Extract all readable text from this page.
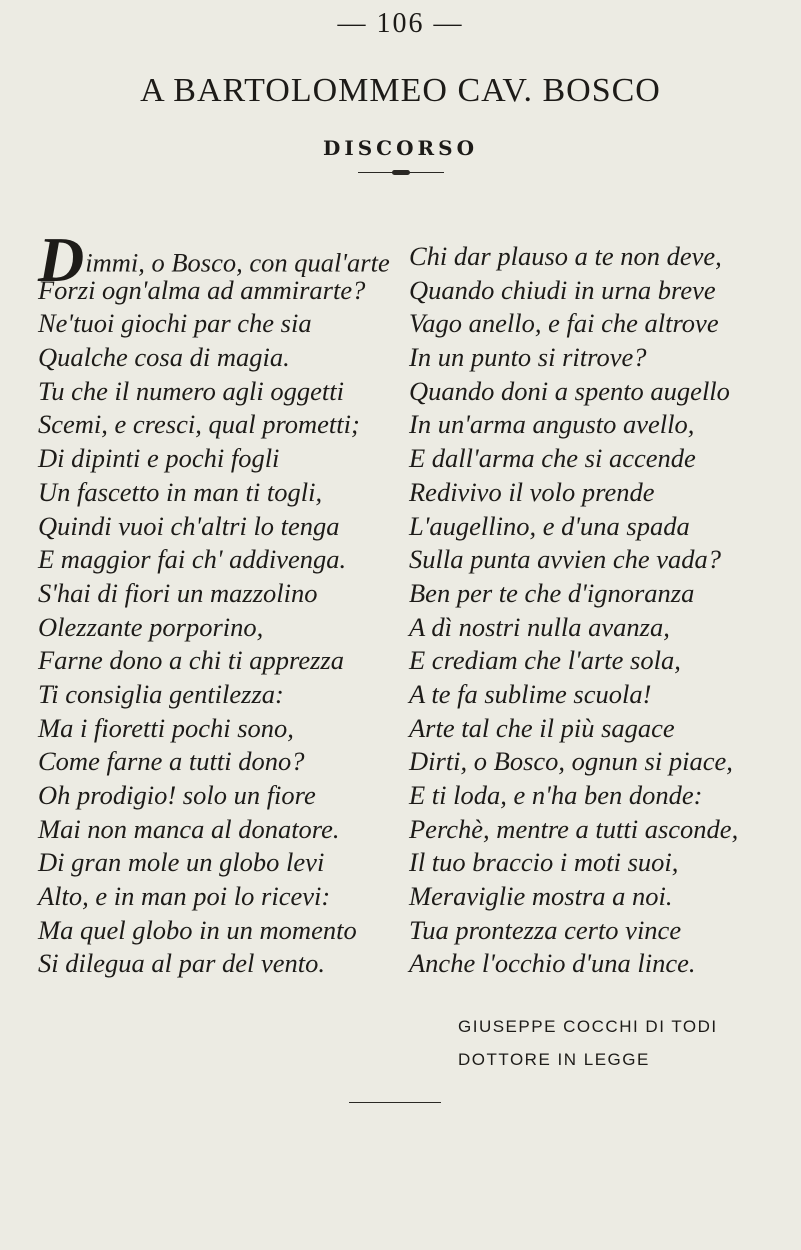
— 106 —
A BARTOLOMMEO CAV. BOSCO
DISCORSO
Dimmi, o Bosco, con qual'arte
Forzi ogn'alma ad ammirarte?
Ne'tuoi giochi par che sia
Qualche cosa di magia.
Tu che il numero agli oggetti
Scemi, e cresci, qual prometti;
Di dipinti e pochi fogli
Un fascetto in man ti togli,
Quindi vuoi ch'altri lo tenga
E maggior fai ch' addivenga.
S'hai di fiori un mazzolino
Olezzante porporino,
Farne dono a chi ti apprezza
Ti consiglia gentilezza:
Ma i fioretti pochi sono,
Come farne a tutti dono?
Oh prodigio! solo un fiore
Mai non manca al donatore.
Di gran mole un globo levi
Alto, e in man poi lo ricevi:
Ma quel globo in un momento
Si dilegua al par del vento.
Chi dar plauso a te non deve,
Quando chiudi in urna breve
Vago anello, e fai che altrove
In un punto si ritrove?
Quando doni a spento augello
In un'arma angusto avello,
E dall'arma che si accende
Redivivo il volo prende
L'augellino, e d'una spada
Sulla punta avvien che vada?
Ben per te che d'ignoranza
A dì nostri nulla avanza,
E crediam che l'arte sola,
A te fa sublime scuola!
Arte tal che il più sagace
Dirti, o Bosco, ognun si piace,
E ti loda, e n'ha ben donde:
Perchè, mentre a tutti asconde,
Il tuo braccio i moti suoi,
Meraviglie mostra a noi.
Tua prontezza certo vince
Anche l'occhio d'una lince.
GIUSEPPE COCCHI DI TODI
DOTTORE IN LEGGE
